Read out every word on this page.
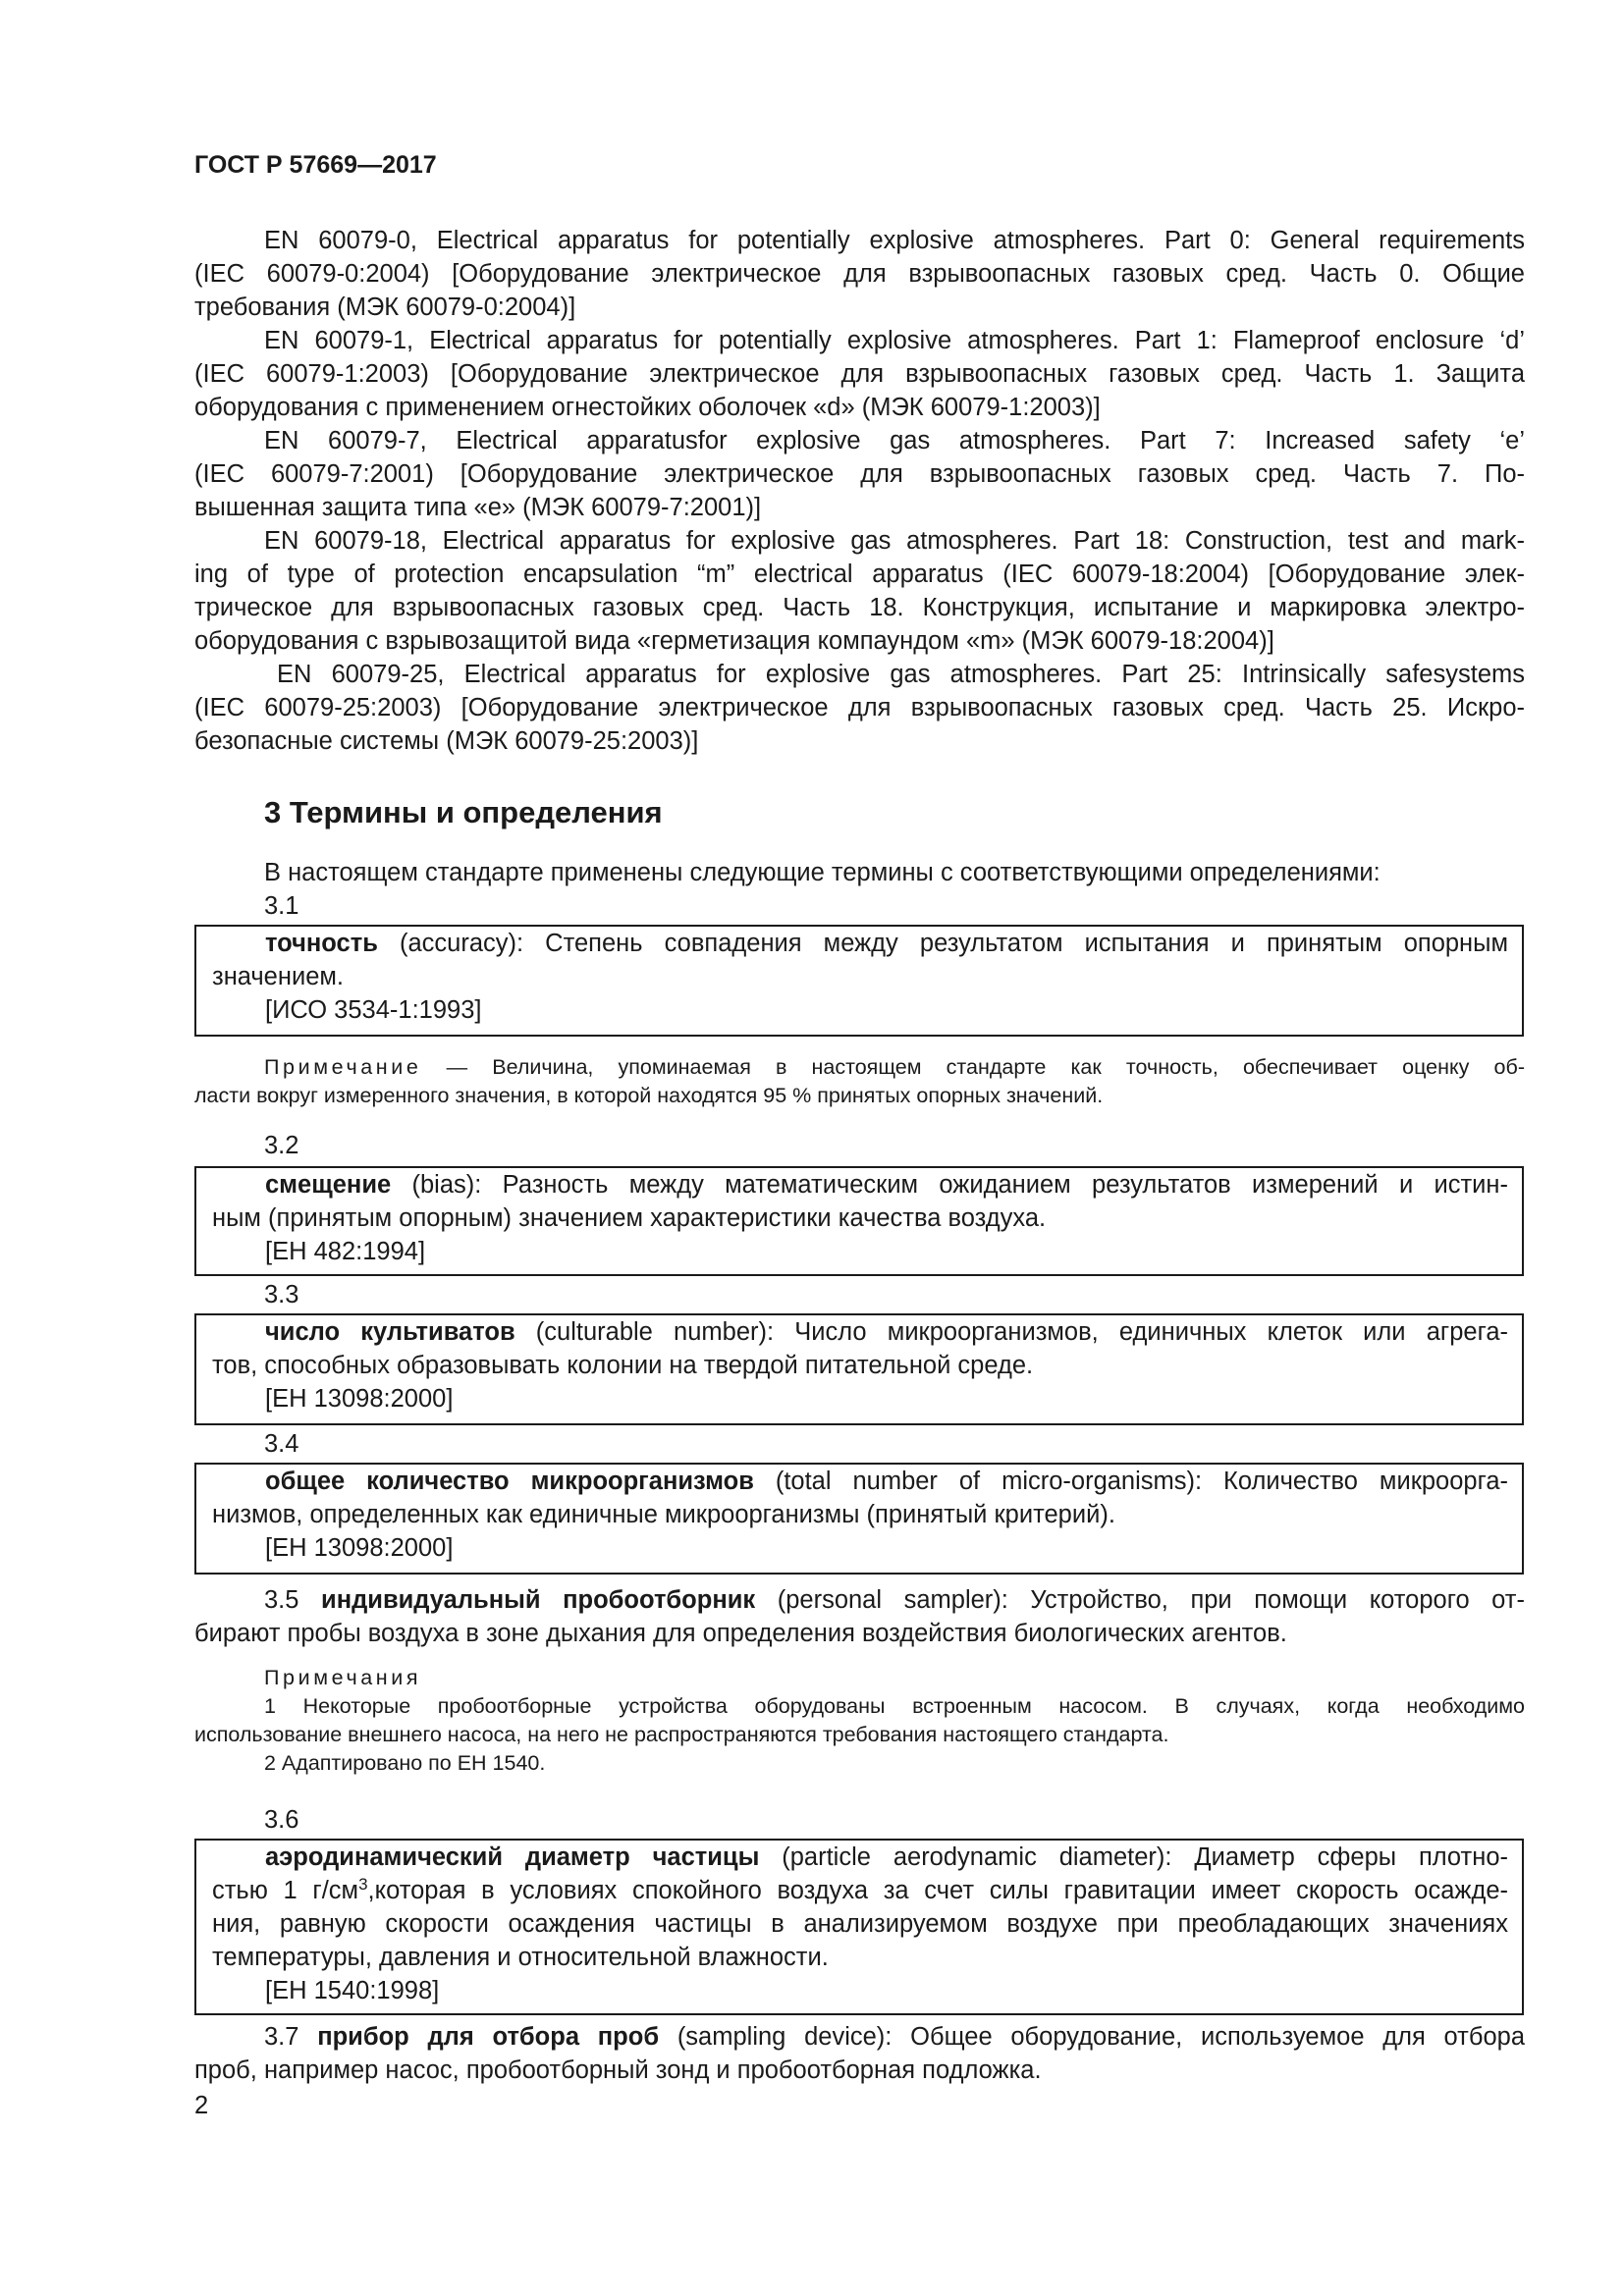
ГОСТ Р 57669—2017

EN 60079-0, Electrical apparatus for potentially explosive atmospheres. Part 0: General requirements
(IEC 60079-0:2004) [Оборудование электрическое для взрывоопасных газовых сред. Часть 0. Общие
требования (МЭК 60079-0:2004)]

EN 60079-1, Electrical apparatus for potentially explosive atmospheres. Part 1: Flameproof enclosure ‘d’
(IEC 60079-1:2003) [Оборудование электрическое для взрывоопасных газовых сред. Часть 1. Защита
оборудования с применением огнестойких оболочек «d» (МЭК 60079-1:2003)]

EN 60079-7, Electrical apparatusfor explosive gas atmospheres. Part 7: Increased safety ‘e’
(IEC 60079-7:2001) [Оборудование электрическое для взрывоопасных газовых сред. Часть 7. По-
вышенная защита типа «е» (МЭК 60079-7:2001)]

EN 60079-18, Electrical apparatus for explosive gas atmospheres. Part 18: Construction, test and mark-
ing of type of protection encapsulation “m” electrical apparatus (IEC 60079-18:2004) [Оборудование элек-
трическое для взрывоопасных газовых сред. Часть 18. Конструкция, испытание и маркировка электро-
оборудования с взрывозащитой вида «герметизация компаундом «m» (МЭК 60079-18:2004)]

EN 60079-25, Electrical apparatus for explosive gas atmospheres. Part 25: Intrinsically safesystems
(IEC 60079-25:2003) [Оборудование электрическое для взрывоопасных газовых сред. Часть 25. Искро-
безопасные системы (МЭК 60079-25:2003)]

3 Термины и определения
В настоящем стандарте применены следующие термины с соответствующими определениями:
3.1
точность (accuracy): Степень совпадения между результатом испытания и принятым опорным
значением.
[ИСО 3534-1:1993]
Примечание — Величина, упоминаемая в настоящем стандарте как точность, обеспечивает оценку об-
ласти вокруг измеренного значения, в которой находятся 95 % принятых опорных значений.
3.2
смещение (bias): Разность между математическим ожиданием результатов измерений и истин-
ным (принятым опорным) значением характеристики качества воздуха.
[ЕН 482:1994]
3.3
число культиватов (culturable number): Число микроорганизмов, единичных клеток или агрега-
тов, способных образовывать колонии на твердой питательной среде.
[ЕН 13098:2000]
3.4
общее количество микроорганизмов (total number of micro-organisms): Количество микроорга-
низмов, определенных как единичные микроорганизмы (принятый критерий).
[ЕН 13098:2000]
3.5 индивидуальный пробоотборник (personal sampler): Устройство, при помощи которого от-
бирают пробы воздуха в зоне дыхания для определения воздействия биологических агентов.
Примечания
1 Некоторые пробоотборные устройства оборудованы встроенным насосом. В случаях, когда необходимо
использование внешнего насоса, на него не распространяются требования настоящего стандарта.
2 Адаптировано по ЕН 1540.
3.6
аэродинамический диаметр частицы (particle aerodynamic diameter): Диаметр сферы плотно-
стью 1 $г/см^3,которая$ в условиях спокойного воздуха за счет силы гравитации имеет скорость осажде-
ния, равную скорости осаждения частицы в анализируемом воздухе при преобладающих значениях
температуры, давления и относительной влажности.
[ЕН 1540:1998]
3.7 прибор для отбора проб (sampling device): Общее оборудование, используемое для отбора
проб, например насос, пробоотборный зонд и пробоотборная подложка.
2
